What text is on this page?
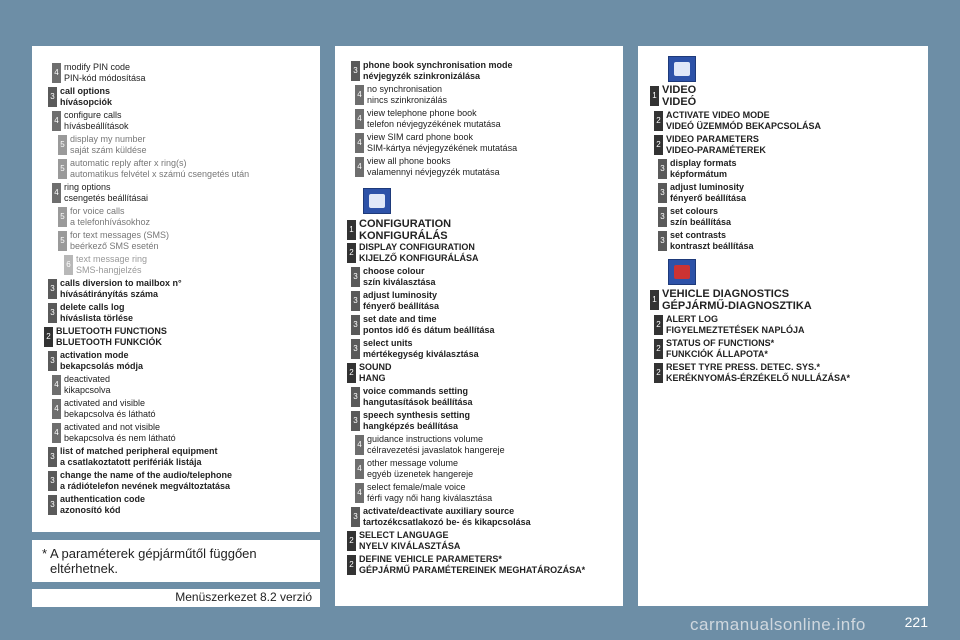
4
modify PIN code
PIN-kód módosítása
3
call options
hívásopciók
4
configure calls
hívásbeállítások
5
display my number
saját szám küldése
5
automatic reply after x ring(s)
automatikus felvétel x számú csengetés után
4
ring options
csengetés beállításai
5
for voice calls
a telefonhívásokhoz
5
for text messages (SMS)
beérkező SMS esetén
6
text message ring
SMS-hangjelzés
3
calls diversion to mailbox n°
hívásátirányítás száma
3
delete calls log
híváslista törlése
2
BLUETOOTH FUNCTIONS
BLUETOOTH FUNKCIÓK
3
activation mode
bekapcsolás módja
4
deactivated
kikapcsolva
4
activated and visible
bekapcsolva és látható
4
activated and not visible
bekapcsolva és nem látható
3
list of matched peripheral equipment
a csatlakoztatott perifériák listája
3
change the name of the audio/telephone
a rádiótelefon nevének megváltoztatása
3
authentication code
azonosító kód
3
phone book synchronisation mode
névjegyzék szinkronizálása
4
no synchronisation
nincs szinkronizálás
4
view telephone phone book
telefon névjegyzékének mutatása
4
view SIM card phone book
SIM-kártya névjegyzékének mutatása
4
view all phone books
valamennyi névjegyzék mutatása
1 CONFIGURATION
KONFIGURÁLÁS
2
DISPLAY CONFIGURATION
KIJELZŐ KONFIGURÁLÁSA
3
choose colour
szín kiválasztása
3
adjust luminosity
fényerő beállítása
3
set date and time
pontos idő és dátum beállítása
3
select units
mértékegység kiválasztása
2
SOUND
HANG
3
voice commands setting
hangutasítások beállítása
3
speech synthesis setting
hangképzés beállítása
4
guidance instructions volume
célravezetési javaslatok hangereje
4
other message volume
egyéb üzenetek hangereje
4
select female/male voice
férfi vagy női hang kiválasztása
3
activate/deactivate auxiliary source
tartozékcsatlakozó be- és kikapcsolása
2
SELECT LANGUAGE
NYELV KIVÁLASZTÁSA
2
DEFINE VEHICLE PARAMETERS*
GÉPJÁRMŰ PARAMÉTEREINEK MEGHATÁROZÁSA*
1 VIDEO
VIDEÓ
2
ACTIVATE VIDEO MODE
VIDEÓ ÜZEMMÓD BEKAPCSOLÁSA
2
VIDEO PARAMETERS
VIDEO-PARAMÉTEREK
3
display formats
képformátum
3
adjust luminosity
fényerő beállítása
3
set colours
szín beállítása
3
set contrasts
kontraszt beállítása
1 VEHICLE DIAGNOSTICS
GÉPJÁRMŰ-DIAGNOSZTIKA
2
ALERT LOG
FIGYELMEZTETÉSEK NAPLÓJA
2
STATUS OF FUNCTIONS*
FUNKCIÓK ÁLLAPOTA*
2
RESET TYRE PRESS. DETEC. SYS.*
KERÉKNYOMÁS-ÉRZÉKELŐ NULLÁZÁSA*
* A paraméterek gépjárműtől függően
eltérhetnek.
Menüszerkezet 8.2 verzió
221
carmanualsonline.info
